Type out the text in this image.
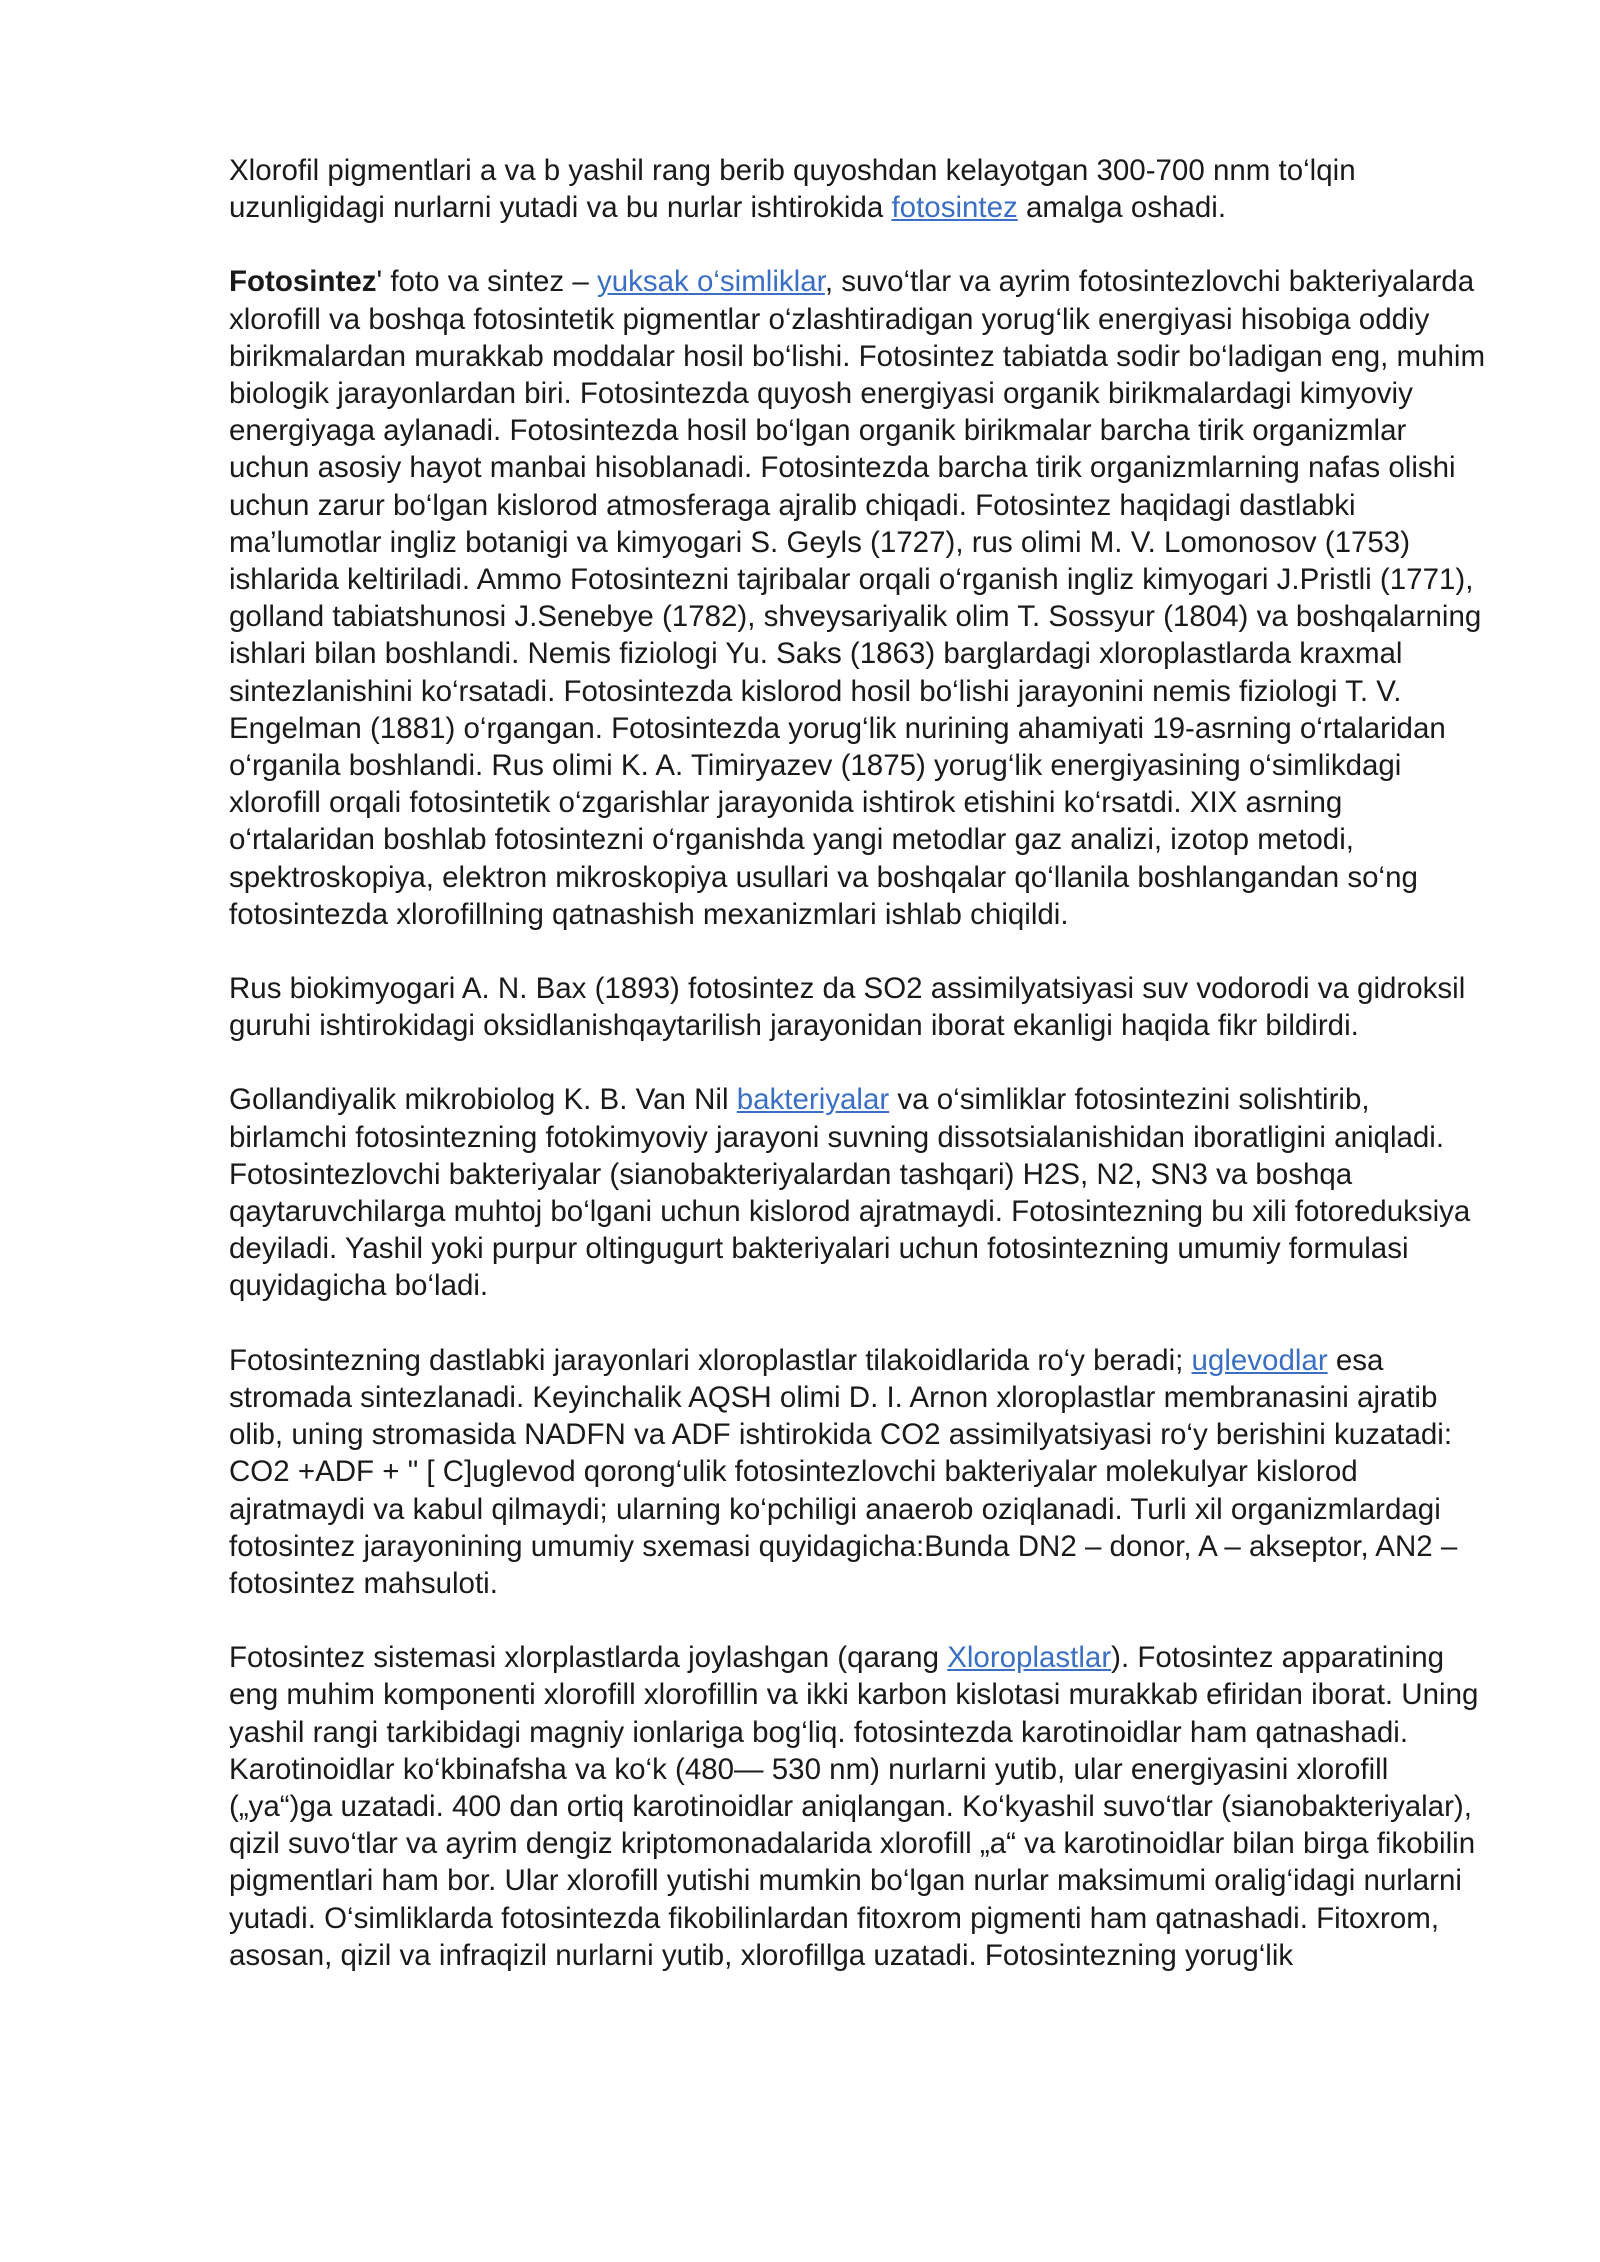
Xlorofil pigmentlari a va b yashil rang berib quyoshdan kelayotgan 300-700 nnm to‘lqin uzunligidagi nurlarni yutadi va bu nurlar ishtirokida fotosintez amalga oshadi.

Fotosintez' foto va sintez – yuksak o‘simliklar, suvo‘tlar va ayrim fotosintezlovchi bakteriyalarda xlorofill va boshqa fotosintetik pigmentlar o‘zlashtiradigan yorug‘lik energiyasi hisobiga oddiy birikmalardan murakkab moddalar hosil bo‘lishi. Fotosintez tabiatda sodir bo‘ladigan eng, muhim biologik jarayonlardan biri. Fotosintezda quyosh energiyasi organik birikmalardagi kimyoviy energiyaga aylanadi. Fotosintezda hosil bo‘lgan organik birikmalar barcha tirik organizmlar uchun asosiy hayot manbai hisoblanadi. Fotosintezda barcha tirik organizmlarning nafas olishi uchun zarur bo‘lgan kislorod atmosferaga ajralib chiqadi. Fotosintez haqidagi dastlabki ma’lumotlar ingliz botanigi va kimyogari S. Geyls (1727), rus olimi M. V. Lomonosov (1753) ishlarida keltiriladi. Ammo Fotosintezni tajribalar orqali o‘rganish ingliz kimyogari J.Pristli (1771), golland tabiatshunosi J.Senebye (1782), shveysariyalik olim T. Sossyur (1804) va boshqalarning ishlari bilan boshlandi. Nemis fiziologi Yu. Saks (1863) barglardagi xloroplastlarda kraxmal sintezlanishini ko‘rsatadi. Fotosintezda kislorod hosil bo‘lishi jarayonini nemis fiziologi T. V. Engelman (1881) o‘rgangan. Fotosintezda yorug‘lik nurining ahamiyati 19-asrning o‘rtalaridan o‘rganila boshlandi. Rus olimi K. A. Timiryazev (1875) yorug‘lik energiyasining o‘simlikdagi xlorofill orqali fotosintetik o‘zgarishlar jarayonida ishtirok etishini ko‘rsatdi. XIX asrning o‘rtalaridan boshlab fotosintezni o‘rganishda yangi metodlar gaz analizi, izotop metodi, spektroskopiya, elektron mikroskopiya usullari va boshqalar qo‘llanila boshlangandan so‘ng fotosintezda xlorofillning qatnashish mexanizmlari ishlab chiqildi.

Rus biokimyogari A. N. Bax (1893) fotosintez da SO2 assimilyatsiyasi suv vodorodi va gidroksil guruhi ishtirokidagi oksidlanishqaytarilish jarayonidan iborat ekanligi haqida fikr bildirdi.

Gollandiyalik mikrobiolog K. B. Van Nil bakteriyalar va o‘simliklar fotosintezini solishtirib, birlamchi fotosintezning fotokimyoviy jarayoni suvning dissotsialanishidan iboratligini aniqladi. Fotosintezlovchi bakteriyalar (sianobakteriyalardan tashqari) H2S, N2, SN3 va boshqa qaytaruvchilarga muhtoj bo‘lgani uchun kislorod ajratmaydi. Fotosintezning bu xili fotoreduksiya deyiladi. Yashil yoki purpur oltingugurt bakteriyalari uchun fotosintezning umumiy formulasi quyidagicha bo‘ladi.

Fotosintezning dastlabki jarayonlari xloroplastlar tilakoidlarida ro‘y beradi; uglevodlar esa stromada sintezlanadi. Keyinchalik AQSH olimi D. I. Arnon xloroplastlar membranasini ajratib olib, uning stromasida NADFN va ADF ishtirokida CO2 assimilyatsiyasi ro‘y berishini kuzatadi: CO2 +ADF + " [ C]uglevod qorong‘ulik fotosintezlovchi bakteriyalar molekulyar kislorod ajratmaydi va kabul qilmaydi; ularning ko‘pchiligi anaerob oziqlanadi. Turli xil organizmlardagi fotosintez jarayonining umumiy sxemasi quyidagicha:Bunda DN2 – donor, A – akseptor, AN2 – fotosintez mahsuloti.

Fotosintez sistemasi xlorplastlarda joylashgan (qarang Xloroplastlar). Fotosintez apparatining eng muhim komponenti xlorofill xlorofillin va ikki karbon kislotasi murakkab efiridan iborat. Uning yashil rangi tarkibidagi magniy ionlariga bog‘liq. fotosintezda karotinoidlar ham qatnashadi. Karotinoidlar ko‘kbinafsha va ko‘k (480— 530 nm) nurlarni yutib, ular energiyasini xlorofill („ya“)ga uzatadi. 400 dan ortiq karotinoidlar aniqlangan. Ko‘kyashil suvo‘tlar (sianobakteriyalar), qizil suvo‘tlar va ayrim dengiz kriptomonadalarida xlorofill „a“ va karotinoidlar bilan birga fikobilin pigmentlari ham bor. Ular xlorofill yutishi mumkin bo‘lgan nurlar maksimumi oralig‘idagi nurlarni yutadi. O‘simliklarda fotosintezda fikobilinlardan fitoxrom pigmenti ham qatnashadi. Fitoxrom, asosan, qizil va infraqizil nurlarni yutib, xlorofillga uzatadi. Fotosintezning yorug‘lik
